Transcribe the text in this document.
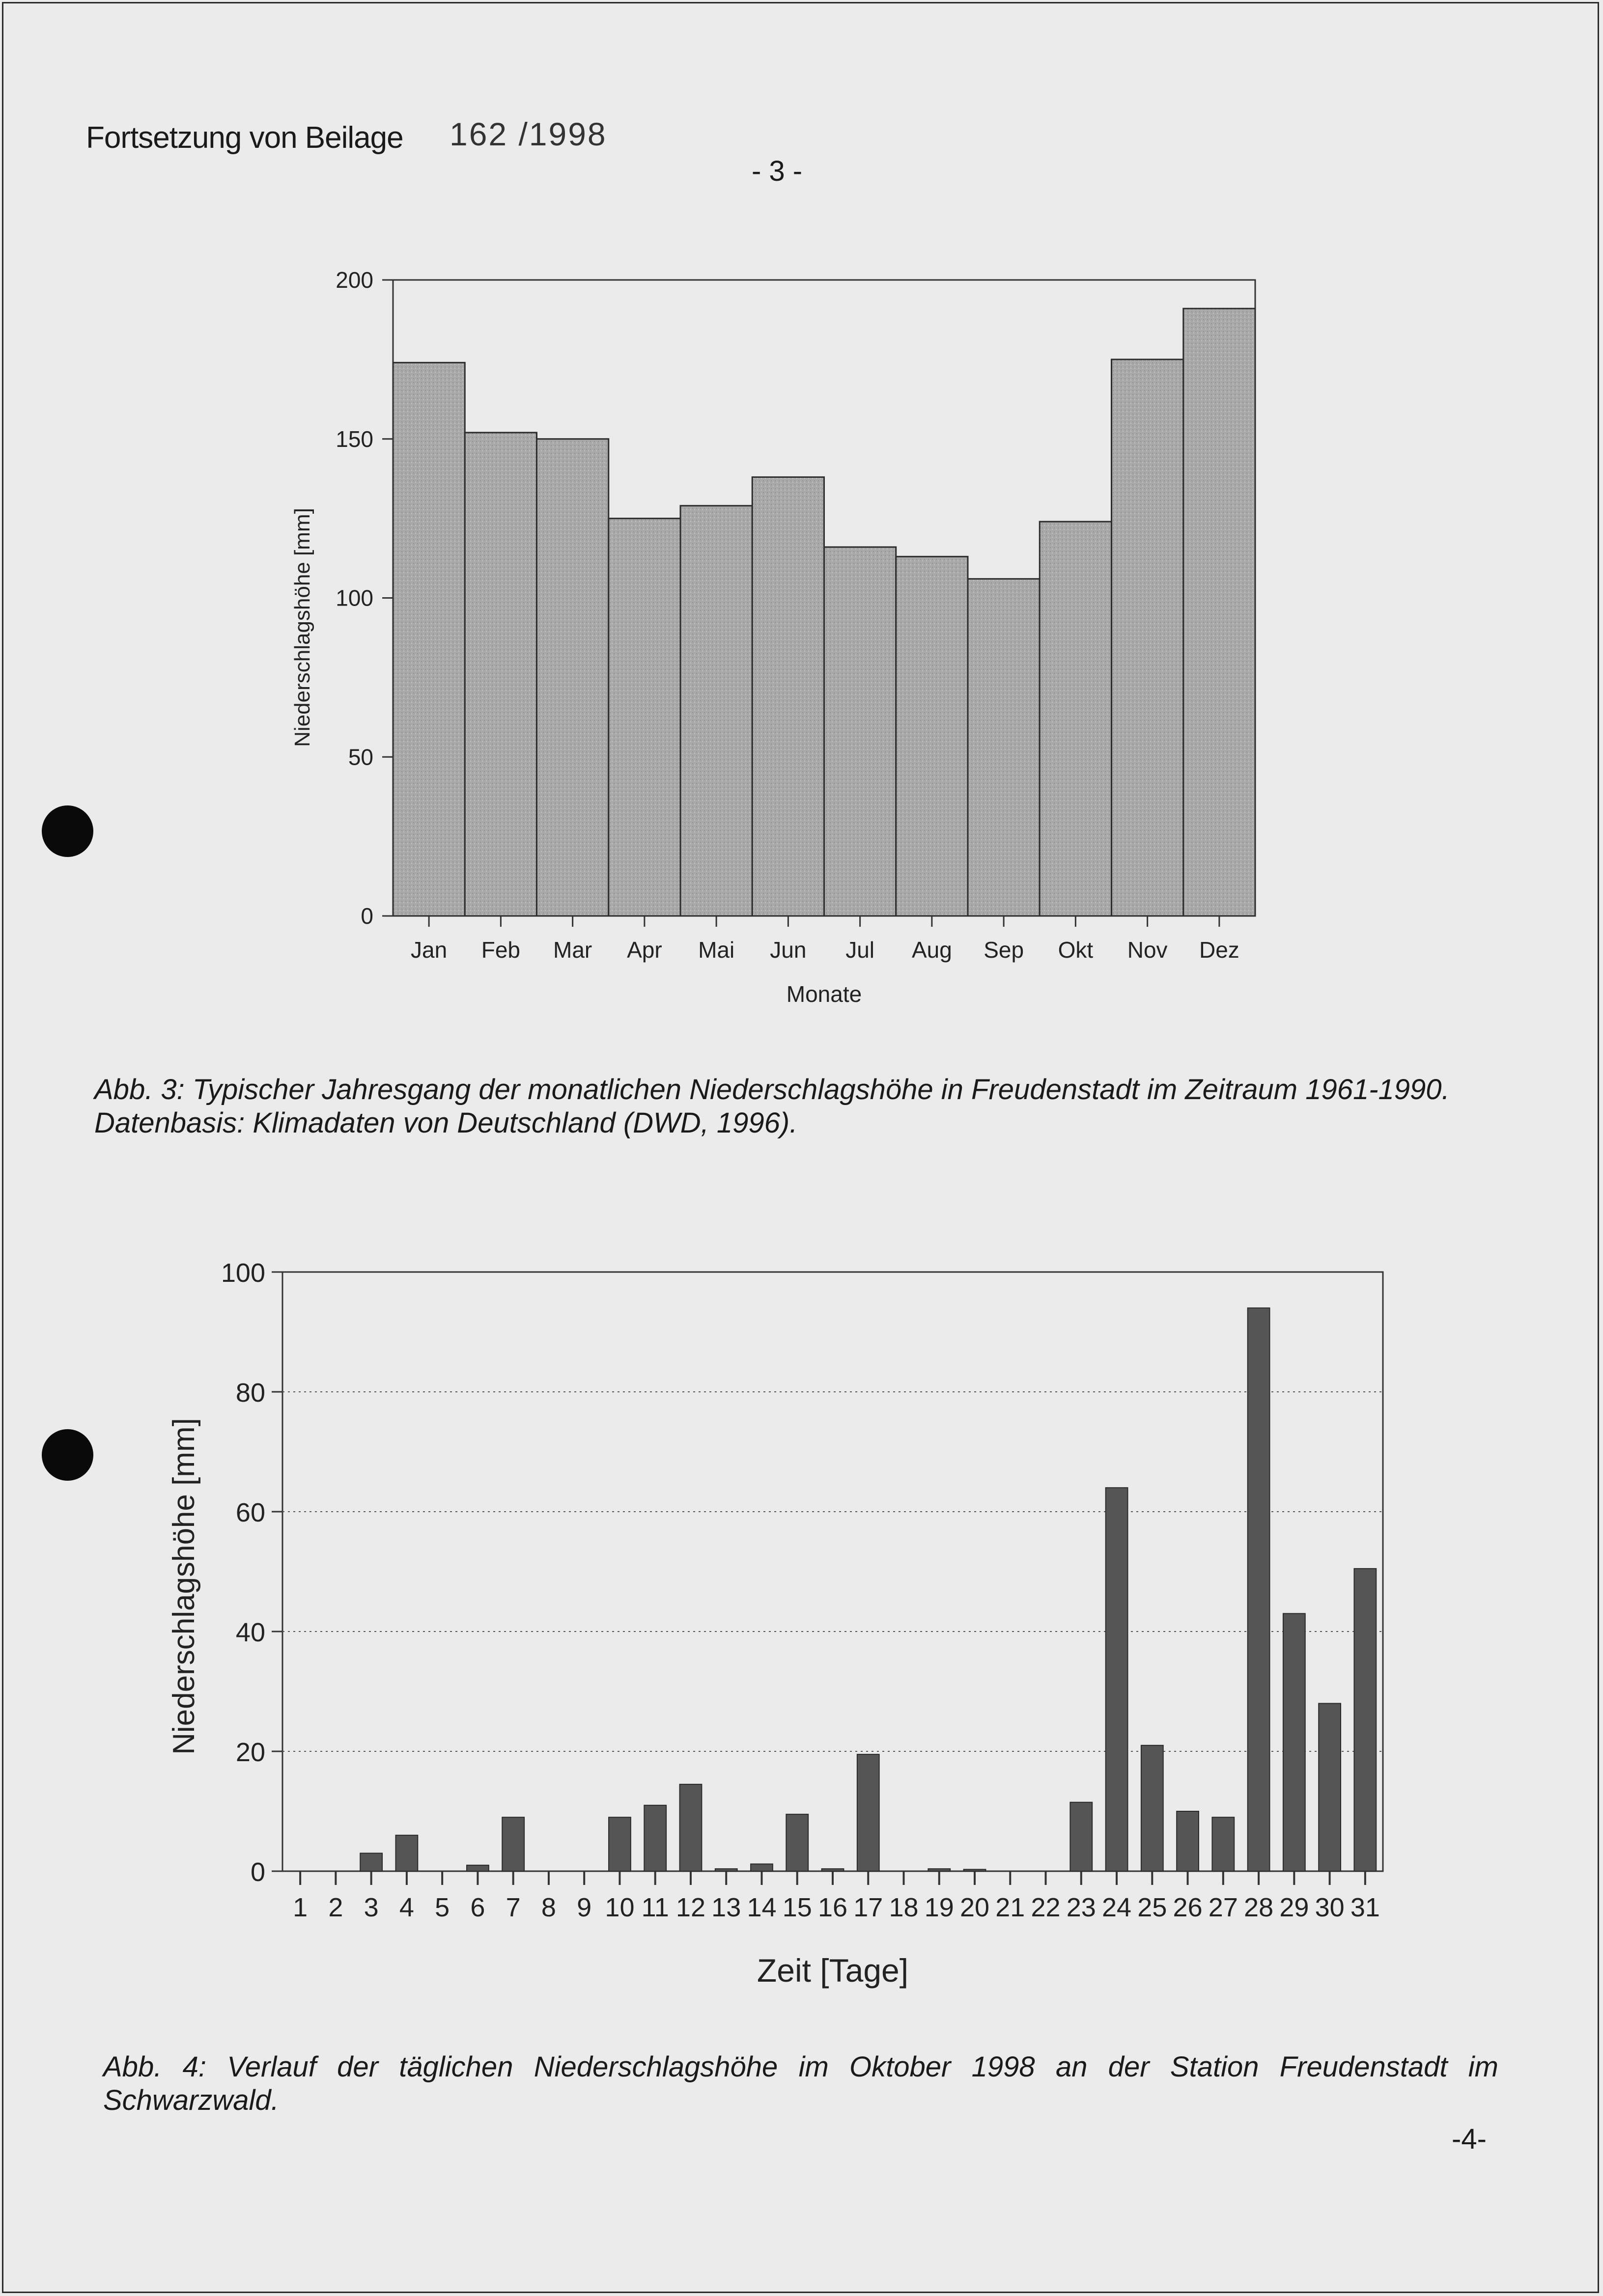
Fortsetzung von Beilage 162 /1998
- 3 -
0
50
100
150
200
Jan Feb Mar Apr Mai Jun Jul Aug Sep Okt Nov Dez
Monate
Niederschlagshöhe [mm]
0
20
40
60
80
100
1 2 3 4 5 6 7 8 9 10 11 12 13 14 15 16 17 18 19 20 21 22 23 24 25 26 27 28 29 30 31
Zeit [Tage]
Niederschlagshöhe [mm]
Abb. 3: Typischer Jahresgang der monatlichen Niederschlagshöhe in Freudenstadt im Zeitraum 1961-1990. Datenbasis: Klimadaten von Deutschland (DWD, 1996).
Abb. 4: Verlauf der täglichen Niederschlagshöhe im Oktober 1998 an der Station Freudenstadt im Schwarzwald.
-4-
